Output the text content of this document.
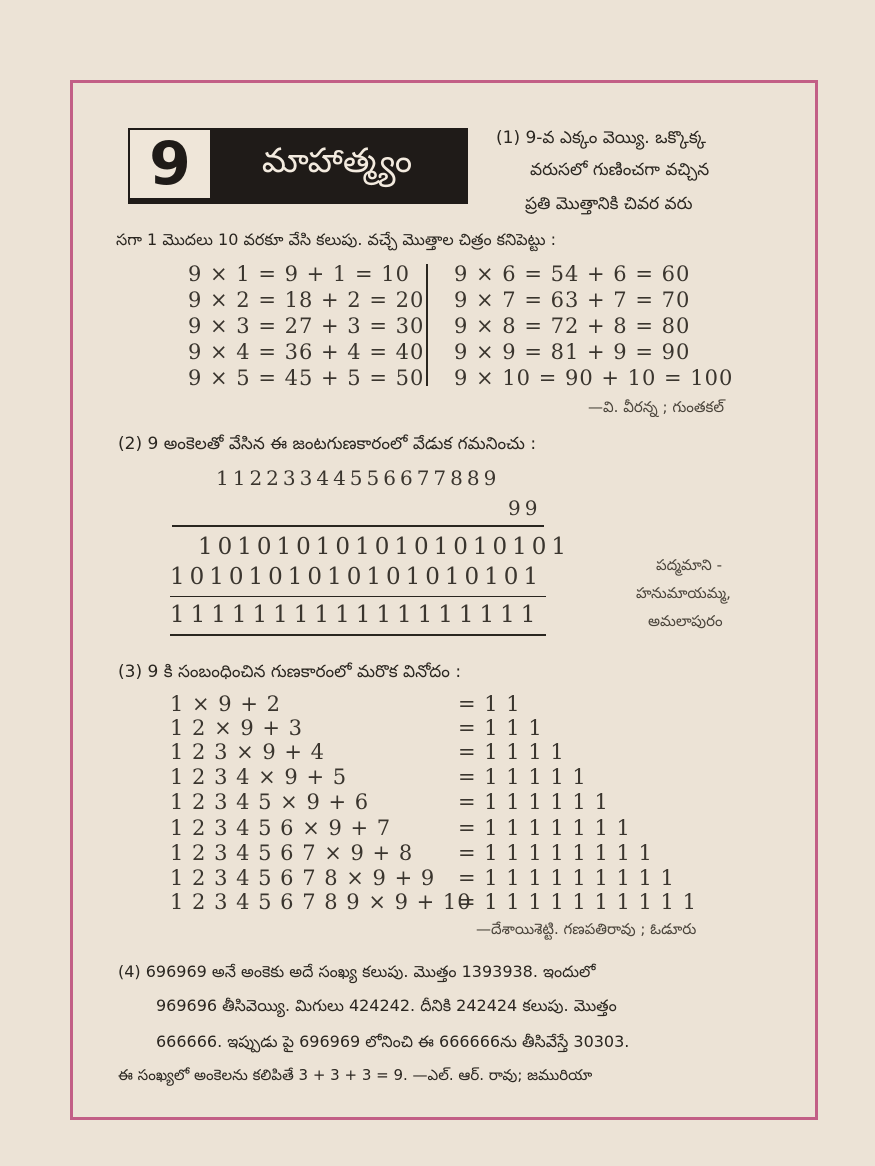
9	మాహాత్మ్యం
(1) 9-వ ఎక్కం వెయ్యి. ఒక్కొక్క
వరుసలో గుణించగా వచ్చిన
ప్రతి మొత్తానికి చివర వరు
సగా 1 మొదలు 10 వరకూ వేసి కలుపు. వచ్చే మొత్తాల చిత్రం కనిపెట్టు :
9 × 1 = 9 + 1 = 10
9 × 2 = 18 + 2 = 20
9 × 3 = 27 + 3 = 30
9 × 4 = 36 + 4 = 40
9 × 5 = 45 + 5 = 50
9 × 6 = 54 + 6 = 60
9 × 7 = 63 + 7 = 70
9 × 8 = 72 + 8 = 80
9 × 9 = 81 + 9 = 90
9 × 10 = 90 + 10 = 100
—వి. వీరన్న ; గుంతకల్
(2) 9 అంకెలతో వేసిన ఈ జంటగుణకారంలో వేడుక గమనించు :
11223344556677889
99
1010101010101010101
1010101010101010101
111111111111111111
పద్మమాని -
హనుమాయమ్మ,
అమలాపురం
(3) 9 కి సంబంధించిన గుణకారంలో మరొక వినోదం :
1 × 9 + 2	= 1 1
1 2 × 9 + 3	= 1 1 1
1 2 3 × 9 + 4	= 1 1 1 1
1 2 3 4 × 9 + 5	= 1 1 1 1 1
1 2 3 4 5 × 9 + 6	= 1 1 1 1 1 1
1 2 3 4 5 6 × 9 + 7	= 1 1 1 1 1 1 1
1 2 3 4 5 6 7 × 9 + 8 = 1 1 1 1 1 1 1 1
1 2 3 4 5 6 7 8 × 9 + 9 = 1 1 1 1 1 1 1 1 1
1 2 3 4 5 6 7 8 9 × 9 + 10
= 1 1 1 1 1 1 1 1 1 1
—దేశాయిశెట్టి. గణపతిరావు ; ఓడూరు
(4) 696969 అనే అంకెకు అదే సంఖ్య కలుపు. మొత్తం 1393938. ఇందులో
969696 తీసివెయ్యి. మిగులు 424242. దీనికి 242424 కలుపు. మొత్తం
666666. ఇప్పుడు పై 696969 లోనించి ఈ 666666ను తీసివేస్తే 30303.
ఈ సంఖ్యలో అంకెలను కలిపితే 3 + 3 + 3 = 9. —ఎల్. ఆర్. రావు; జమురియా
